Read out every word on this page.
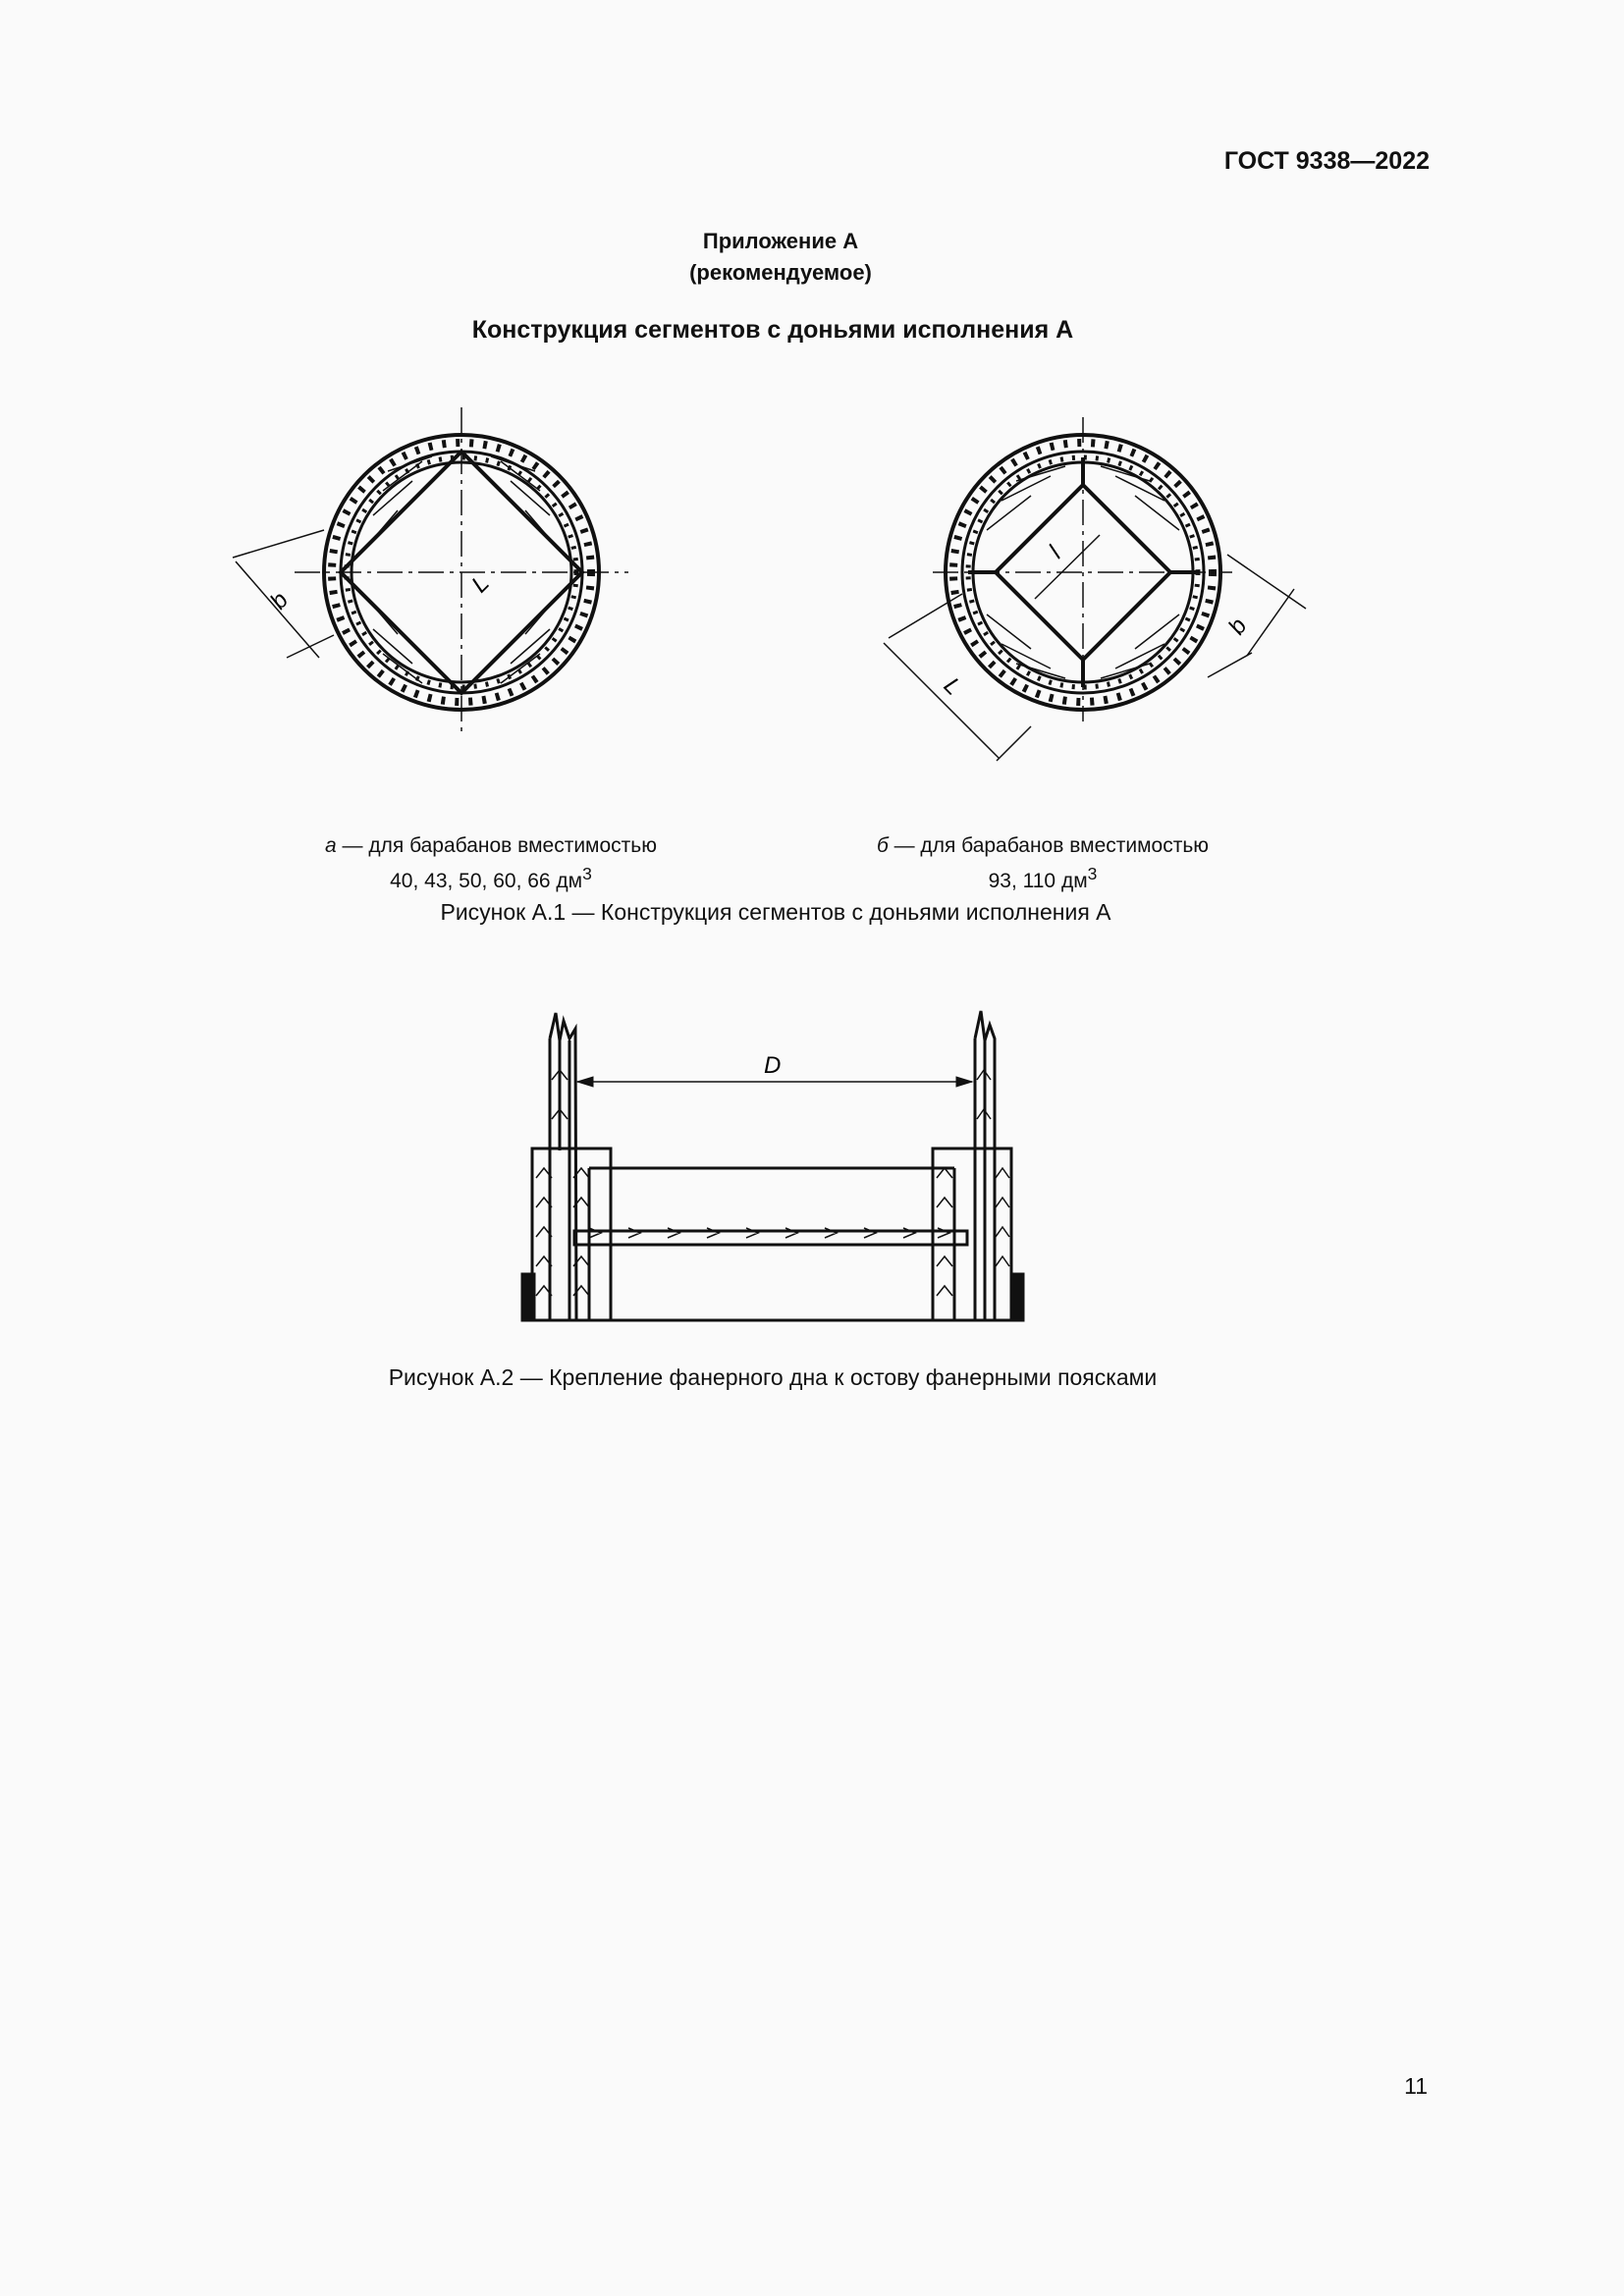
ГОСТ 9338—2022
Приложение А
(рекомендуемое)
Конструкция сегментов с доньями исполнения А
b
L
l
L
b
а — для барабанов вместимостью
40, 43, 50, 60, 66 $дм^3$
б — для барабанов вместимостью
93, 110 $дм^3$
Рисунок А.1 — Конструкция сегментов с доньями исполнения А
D
Рисунок А.2 — Крепление фанерного дна к остову фанерными поясками
11
